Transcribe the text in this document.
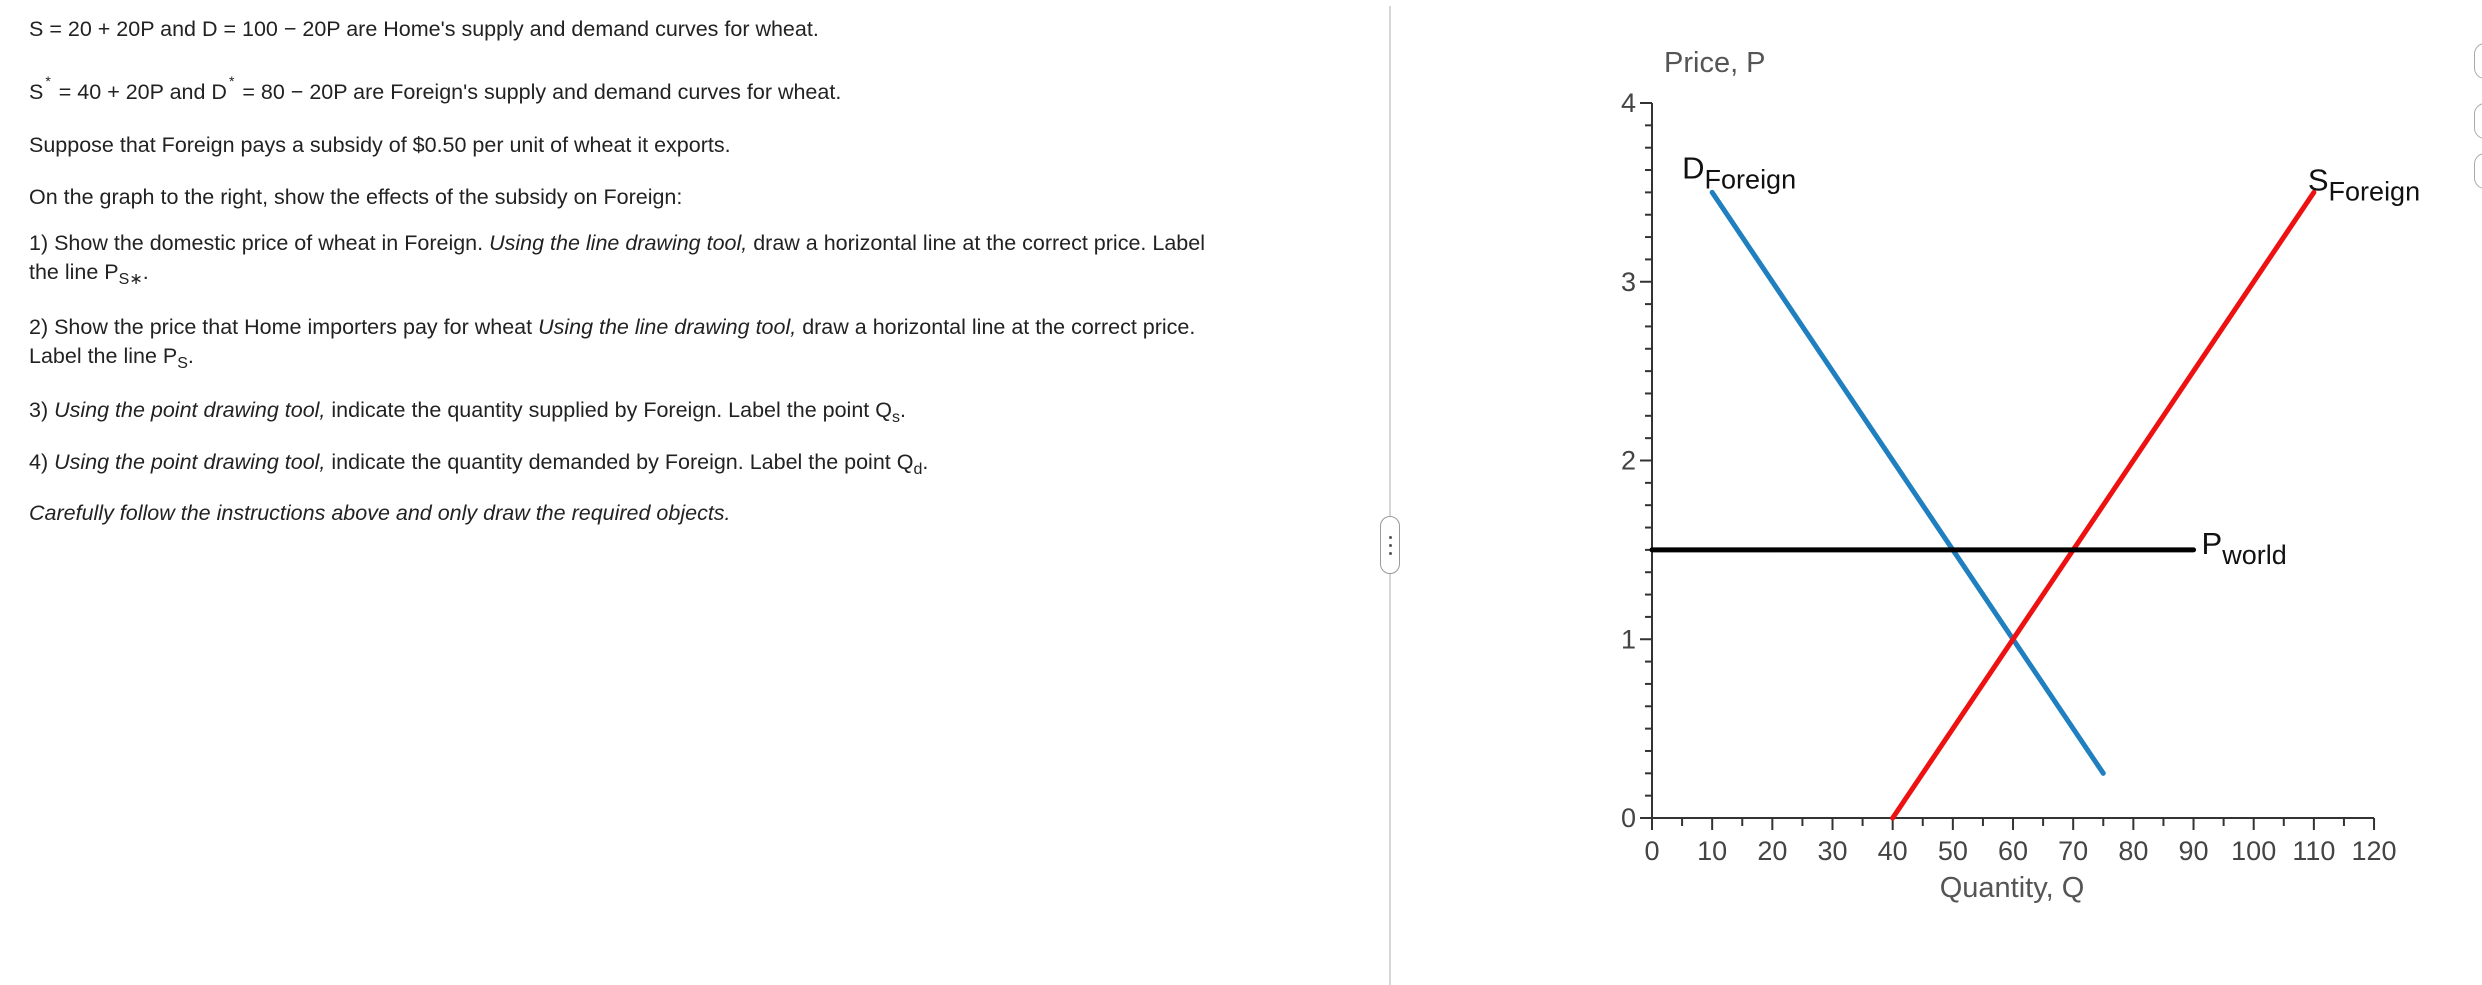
S = 20 + 20P and D = 100 − 20P are Home's supply and demand curves for wheat.
S * = 40 + 20P and D * = 80 − 20P are Foreign's supply and demand curves for wheat.
Suppose that Foreign pays a subsidy of $0.50 per unit of wheat it exports.
On the graph to the right, show the effects of the subsidy on Foreign:
1) Show the domestic price of wheat in Foreign. Using the line drawing tool, draw a horizontal line at the correct price. Label
the line $P_{S∗}$.
2) Show the price that Home importers pay for wheat Using the line drawing tool, draw a horizontal line at the correct price.
Label the line $P_S$.
3) Using the point drawing tool, indicate the quantity supplied by Foreign. Label the point $Q_s$.
4) Using the point drawing tool, indicate the quantity demanded by Foreign. Label the point $Q_d$.
Carefully follow the instructions above and only draw the required objects.
Price, P
Quantity, Q
0 10 20 30 40 50 60 70 80 90 100 110 120
0
1
2
3
4
DForeign	SForeign
Pworld
